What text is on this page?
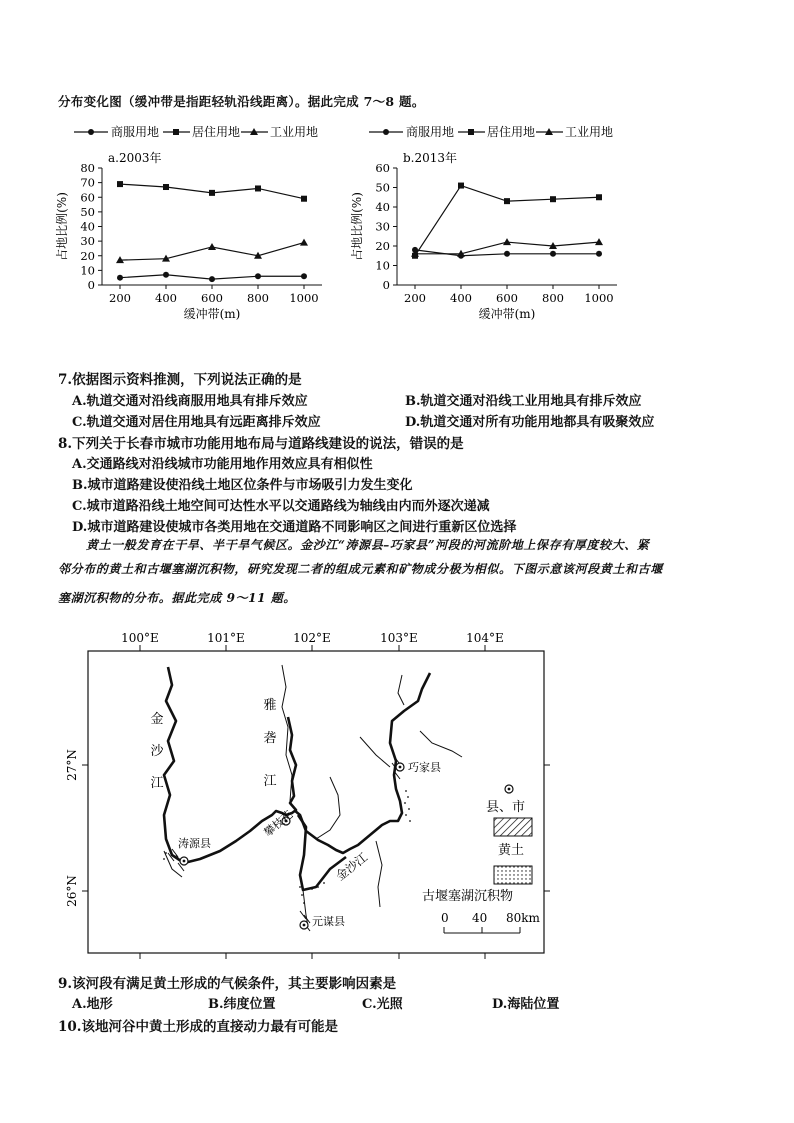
分布变化图（缓冲带是指距轻轨沿线距离）。据此完成 7～8 题。
商服用地	居住用地 工业用地
a.2003年
0
10
20
30
40
50
60
70
80
200 400 600 800 1000
缓冲带(m)
占地比例(%)
商服用地	居住用地 工业用地
b.2013年
0
10
20
30
40
50
60
200 400 600 800 1000
缓冲带(m)
占地比例(%)
7.依据图示资料推测，下列说法正确的是
A.轨道交通对沿线商服用地具有排斥效应	B.轨道交通对沿线工业用地具有排斥效应
C.轨道交通对居住用地具有远距离排斥效应	D.轨道交通对所有功能用地都具有吸聚效应
8.下列关于长春市城市功能用地布局与道路线建设的说法，错误的是
A.交通路线对沿线城市功能用地作用效应具有相似性
B.城市道路建设使沿线土地区位条件与市场吸引力发生变化
C.城市道路沿线土地空间可达性水平以交通路线为轴线由内而外逐次递减
D.城市道路建设使城市各类用地在交通道路不同影响区之间进行重新区位选择
黄土一般发育在干旱、半干旱气候区。金沙江“涛源县–巧家县”河段的河流阶地上保存有厚度较大、紧
邻分布的黄土和古堰塞湖沉积物，研究发现二者的组成元素和矿物成分极为相似。下图示意该河段黄土和古堰
塞湖沉积物的分布。据此完成 9～11 题。
100°E	101°E	102°E	103°E	104°E
27°N
26°N
涛源县
攀枝花
元谋县
巧家县
金
沙
江
雅
砻
江
金沙江
县、市
黄土
古堰塞湖沉积物
0 40 80km
9.该河段有满足黄土形成的气候条件，其主要影响因素是
A.地形	B.纬度位置	C.光照	D.海陆位置
10.该地河谷中黄土形成的直接动力最有可能是
